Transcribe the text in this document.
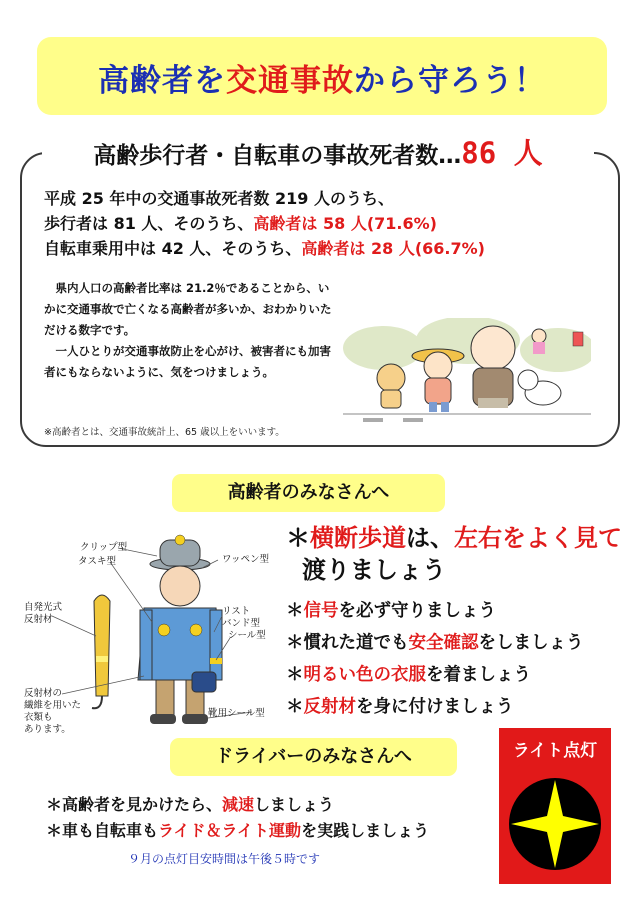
高齢者を交通事故から守ろう！
高齢歩行者・自転車の事故死者数…86 人
平成 25 年中の交通事故死者数 219 人のうち、
歩行者は 81 人、そのうち、高齢者は 58 人(71.6%)
自転車乗用中は 42 人、そのうち、高齢者は 28 人(66.7%)

　県内人口の高齢者比率は 21.2％であることから、いかに交通事故で亡くなる高齢者が多いか、おわかりいただける数字です。

　一人ひとりが交通事故防止を心がけ、被害者にも加害者にもならないように、気をつけましょう。

※高齢者とは、交通事故統計上、65 歳以上をいいます。
高齢者のみなさんへ
クリップ型
タスキ型	ワッペン型
自発光式
反射材
リスト
バンド型
シール型
靴用シール型
反射材の
繊維を用いた
衣類も
あります。
＊横断歩道は、左右をよく見て
渡りましょう
＊信号を必ず守りましょう
＊慣れた道でも安全確認をしましょう
＊明るい色の衣服を着ましょう
＊反射材を身に付けましょう
ドライバーのみなさんへ
＊高齢者を見かけたら、減速しましょう
＊車も自転車もライド＆ライト運動を実践しましょう
９月の点灯目安時間は午後５時です
ライト点灯
